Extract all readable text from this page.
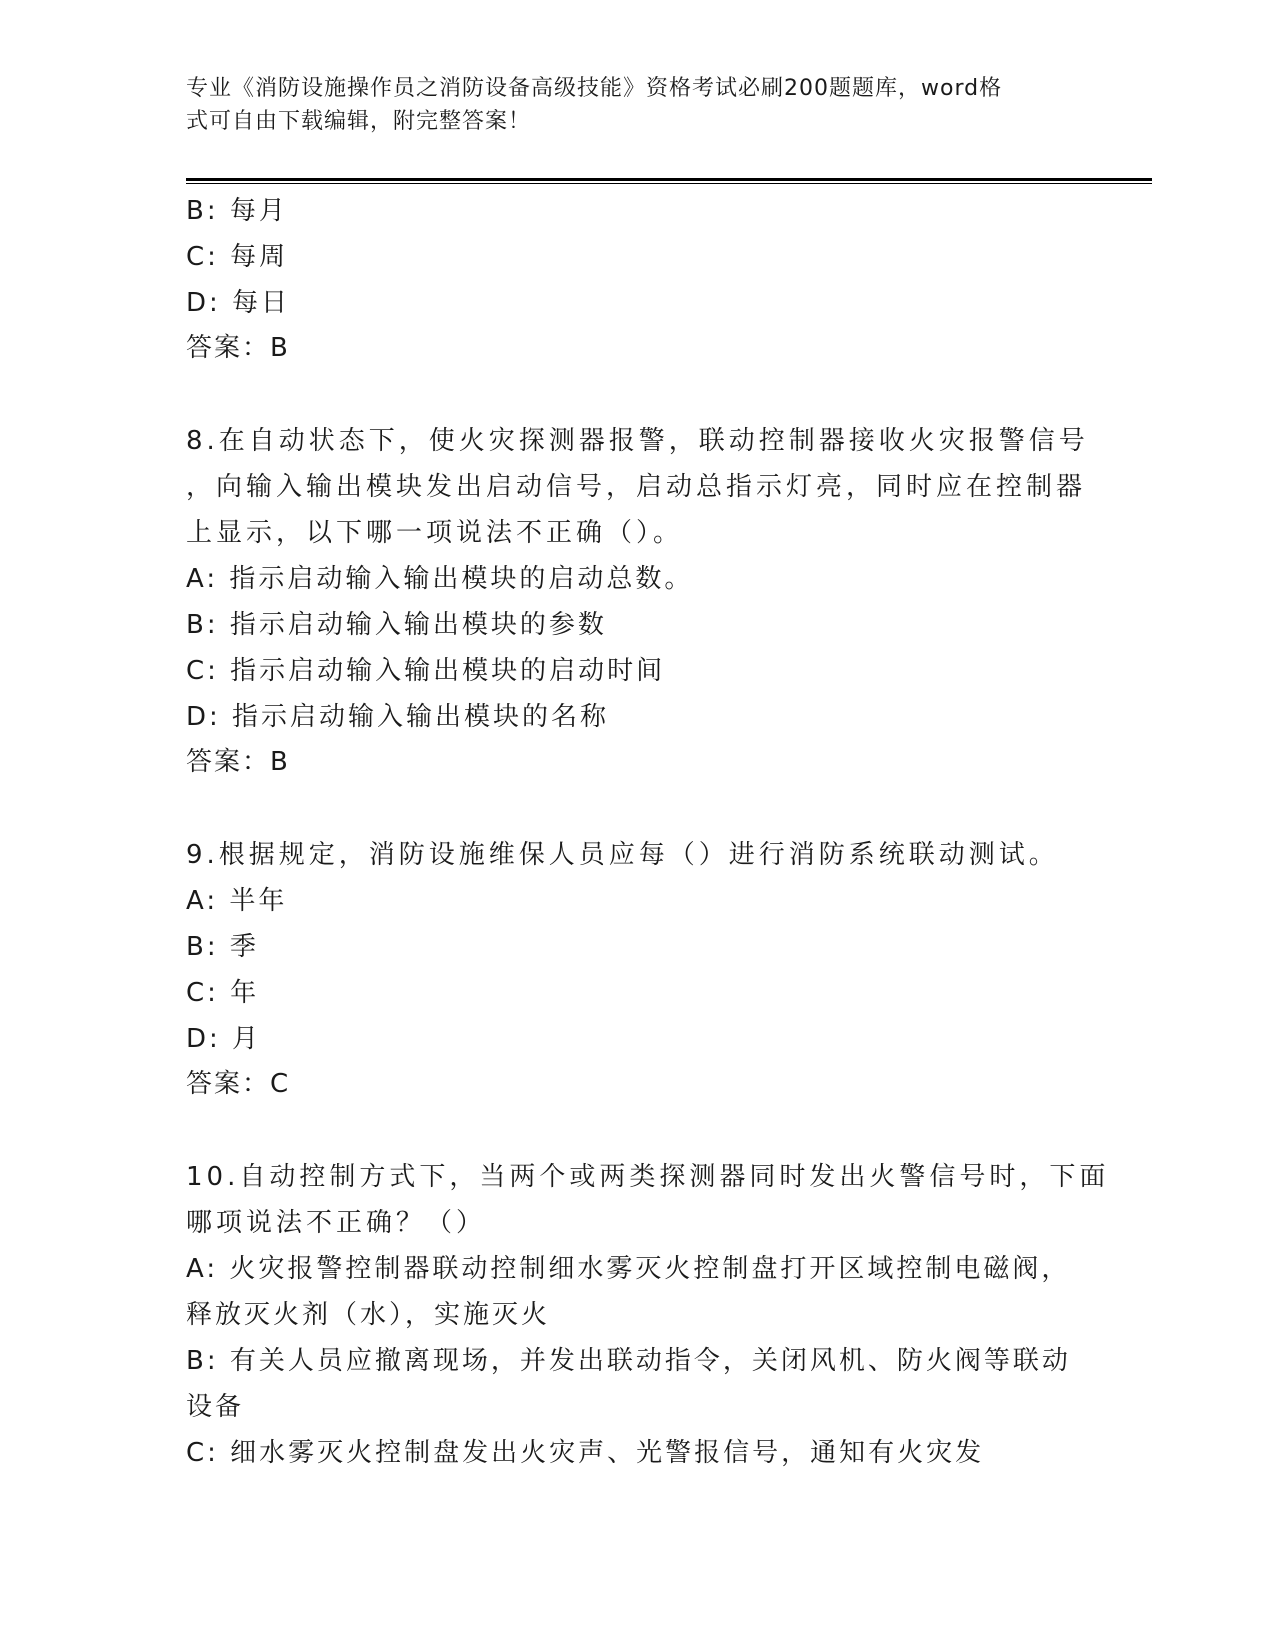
专业《消防设施操作员之消防设备高级技能》资格考试必刷200题题库，word格
式可自由下载编辑，附完整答案！
B: 每月
C: 每周
D: 每日
答案：B
8.在自动状态下，使火灾探测器报警，联动控制器接收火灾报警信号
，向输入输出模块发出启动信号，启动总指示灯亮，同时应在控制器
上显示，以下哪一项说法不正确（）。
A: 指示启动输入输出模块的启动总数。
B: 指示启动输入输出模块的参数
C: 指示启动输入输出模块的启动时间
D: 指示启动输入输出模块的名称
答案：B
9.根据规定，消防设施维保人员应每（）进行消防系统联动测试。
A: 半年
B: 季
C: 年
D: 月
答案：C
10.自动控制方式下，当两个或两类探测器同时发出火警信号时，下面
哪项说法不正确？（）
A: 火灾报警控制器联动控制细水雾灭火控制盘打开区域控制电磁阀，
释放灭火剂（水），实施灭火
B: 有关人员应撤离现场，并发出联动指令，关闭风机、防火阀等联动
设备
C: 细水雾灭火控制盘发出火灾声、光警报信号，通知有火灾发
